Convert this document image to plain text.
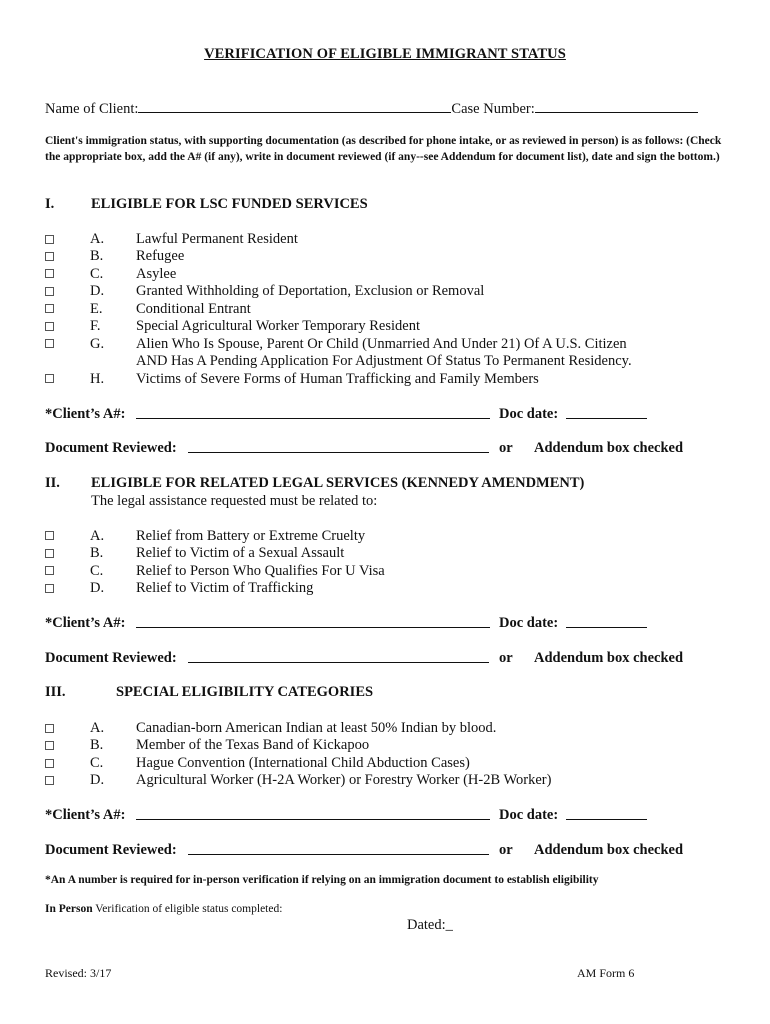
VERIFICATION OF ELIGIBLE IMMIGRANT STATUS
Name of Client:	Case Number:
Client's immigration status, with supporting documentation (as described for phone intake, or as reviewed in person) is as follows: (Check the appropriate box, add the A# (if any), write in document reviewed (if any--see Addendum for document list), date and sign the bottom.)
I.	ELIGIBLE FOR LSC FUNDED SERVICES
A. Lawful Permanent Resident
B. Refugee
C. Asylee
D. Granted Withholding of Deportation, Exclusion or Removal
E. Conditional Entrant
F. Special Agricultural Worker Temporary Resident
G. Alien Who Is Spouse, Parent Or Child (Unmarried And Under 21) Of A U.S. Citizen
AND Has A Pending Application For Adjustment Of Status To Permanent Residency.
H. Victims of Severe Forms of Human Trafficking and Family Members
*Client’s A#:	Doc date:
Document Reviewed:	or Addendum box checked
II. ELIGIBLE FOR RELATED LEGAL SERVICES (KENNEDY AMENDMENT)
The legal assistance requested must be related to:
A. Relief from Battery or Extreme Cruelty
B. Relief to Victim of a Sexual Assault
C. Relief to Person Who Qualifies For U Visa
D. Relief to Victim of Trafficking
*Client’s A#:	Doc date:
Document Reviewed:	or Addendum box checked
III.	SPECIAL ELIGIBILITY CATEGORIES
A. Canadian-born American Indian at least 50% Indian by blood.
B. Member of the Texas Band of Kickapoo
C. Hague Convention (International Child Abduction Cases)
D. Agricultural Worker (H-2A Worker) or Forestry Worker (H-2B Worker)
*Client’s A#:	Doc date:
Document Reviewed:	or Addendum box checked
*An A number is required for in-person verification if relying on an immigration document to establish eligibility
In Person Verification of eligible status completed:
Dated:_
Revised: 3/17	AM Form 6
